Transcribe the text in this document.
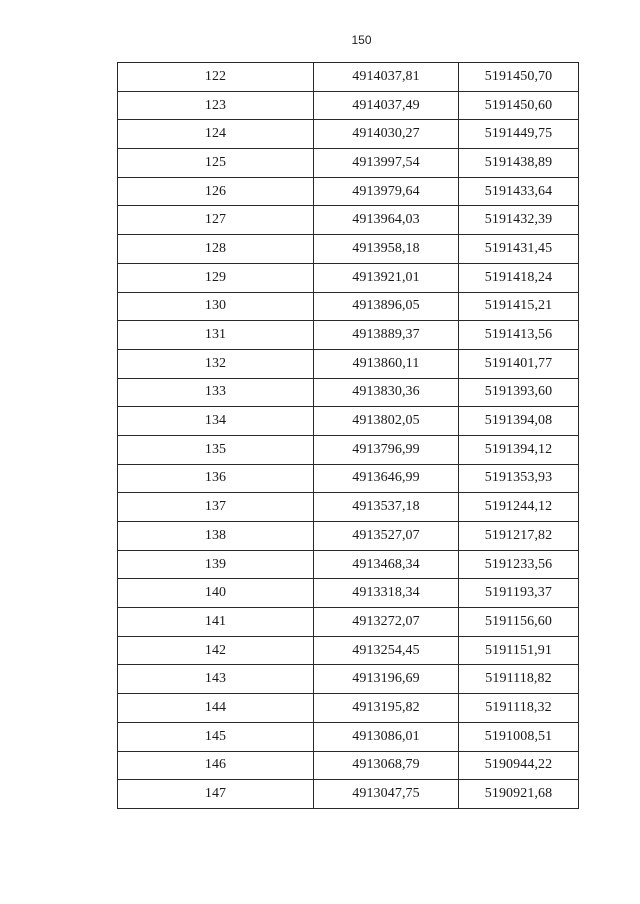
150
122	4914037,81	5191450,70
123	4914037,49	5191450,60
124	4914030,27	5191449,75
125	4913997,54	5191438,89
126	4913979,64	5191433,64
127	4913964,03	5191432,39
128	4913958,18	5191431,45
129	4913921,01	5191418,24
130	4913896,05	5191415,21
131	4913889,37	5191413,56
132	4913860,11	5191401,77
133	4913830,36	5191393,60
134	4913802,05	5191394,08
135	4913796,99	5191394,12
136	4913646,99	5191353,93
137	4913537,18	5191244,12
138	4913527,07	5191217,82
139	4913468,34	5191233,56
140	4913318,34	5191193,37
141	4913272,07	5191156,60
142	4913254,45	5191151,91
143	4913196,69	5191118,82
144	4913195,82	5191118,32
145	4913086,01	5191008,51
146	4913068,79	5190944,22
147	4913047,75	5190921,68
